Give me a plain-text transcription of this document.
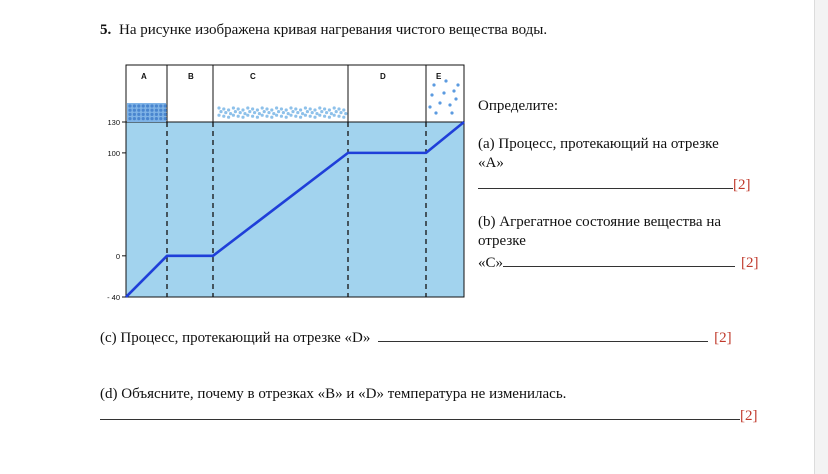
5. На рисунке изображена кривая нагревания чистого вещества воды.
A	B	C	D	E
130
100
0
- 40
Определите:
(a) Процесс, протекающий на отрезке
«А»
[2]
(b) Агрегатное состояние вещества на
отрезке
«С»	[2]
(c) Процесс, протекающий на отрезке «D»	[2]
(d) Объясните, почему в отрезках «B» и «D» температура не изменилась.
[2]
